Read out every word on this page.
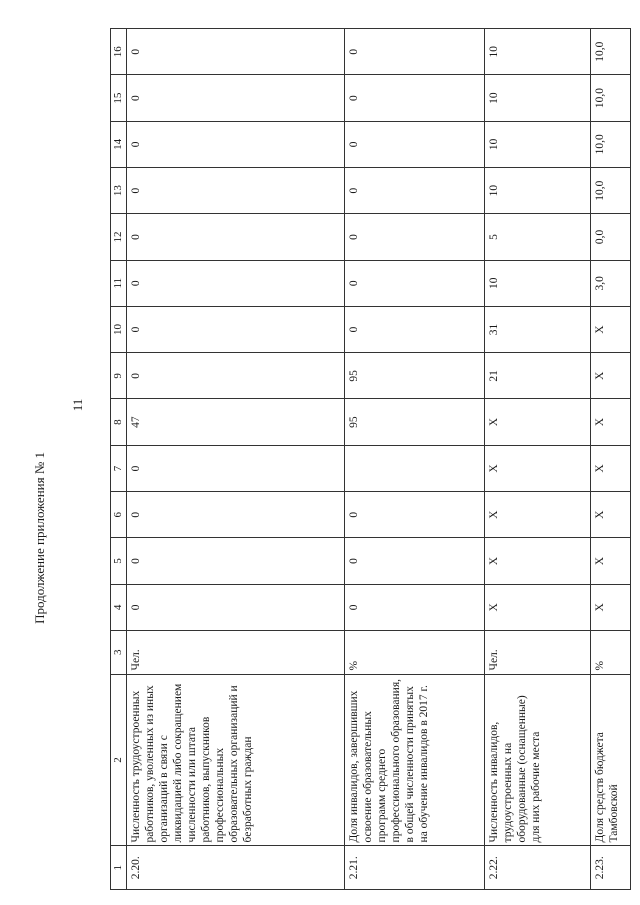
11
Продолжение приложения № 1
1	2	3	4	5	6	7	8	9	10	11	12	13	14	15	16
2.20.	Численность трудоустроенных работников, уволенных из иных организаций в связи с ликвидацией либо сокращением численности или штата работников, выпускников профессиональных образовательных организаций и безработных граждан	Чел.	0	0	0	0	47	0	0	0	0	0	0	0	0
2.21.	Доля инвалидов, завершивших освоение образовательных программ среднего профессионального образования, в общей численности принятых на обучение инвалидов в 2017 г.	%	0	0	0		95	95	0	0	0	0	0	0	0
2.22.	Численность инвалидов, трудоустроенных на оборудованные (оснащенные) для них рабочие места	Чел.	X	X	X	X	X	21	31	10	5	10	10	10	10
2.23.	Доля средств бюджета Тамбовской	%	X	X	X	X	X	X	X	3,0	0,0	10,0	10,0	10,0	10,0
